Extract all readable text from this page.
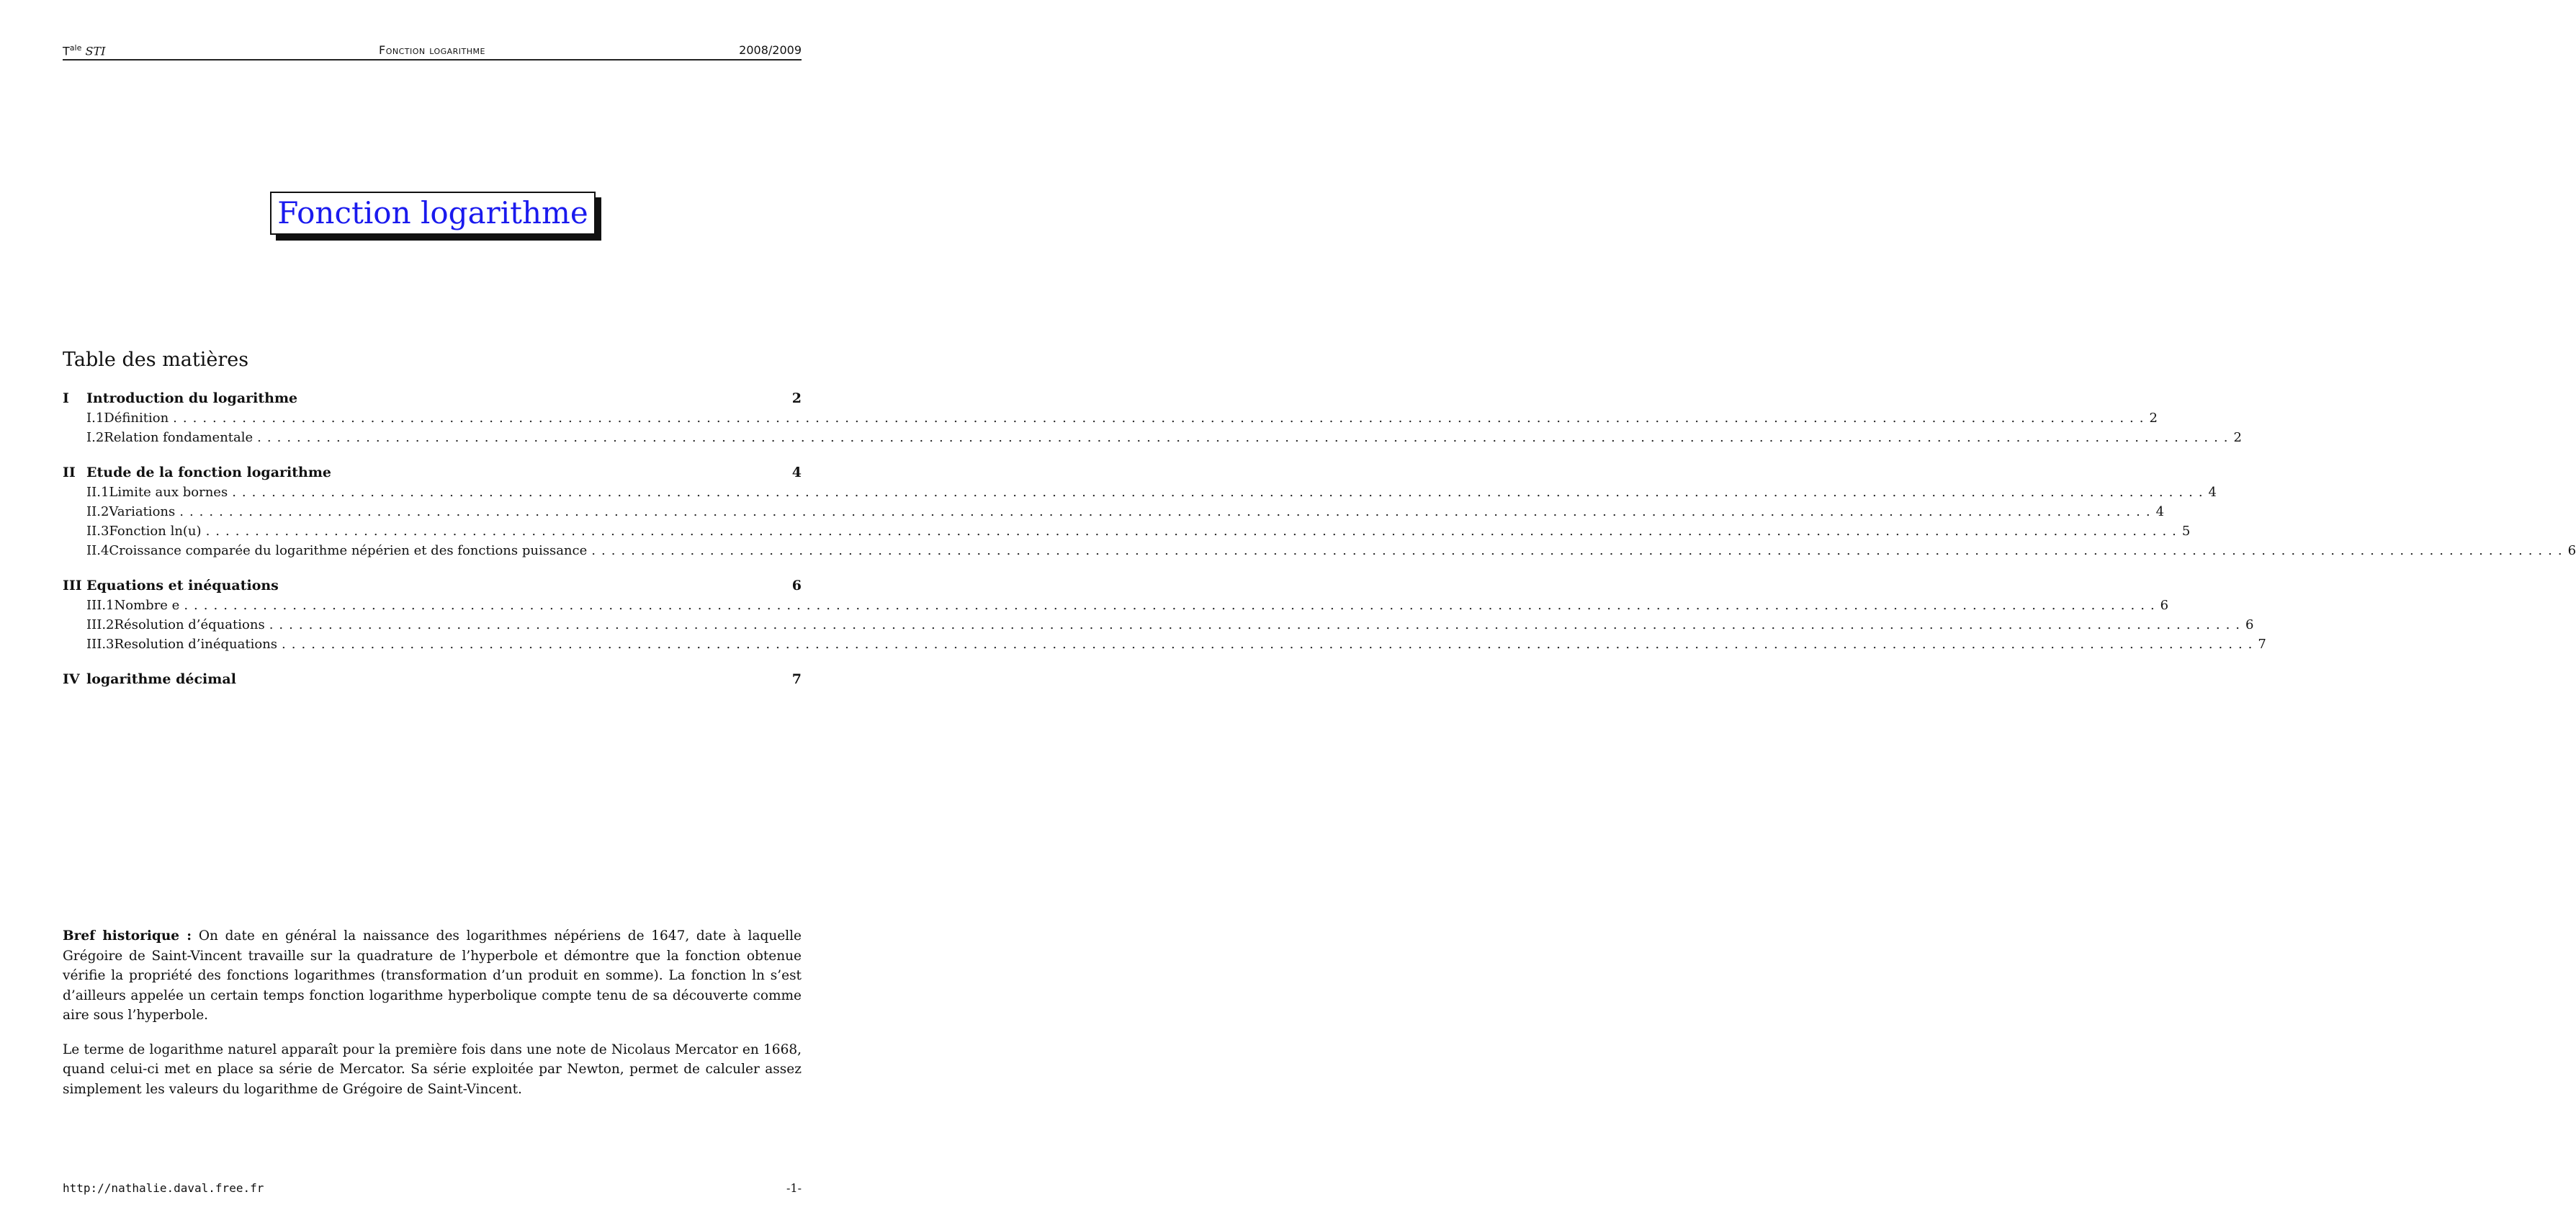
$T^{ale}$ STI	Fonction logarithme	2008/2009
Fonction logarithme
Table des matières
I	Introduction du logarithme	2
I.1 Définition ........................................................................................................................................................................................................ 2
I.2 Relation fondamentale ........................................................................................................................................................................................................ 2
II Etude de la fonction logarithme	4
II.1 Limite aux bornes ........................................................................................................................................................................................................ 4
II.2 Variations ........................................................................................................................................................................................................ 4
II.3 Fonction ln(u) ........................................................................................................................................................................................................ 5
II.4 Croissance comparée du logarithme népérien et des fonctions puissance ........................................................................................................................................................................................................ 6
III Equations et inéquations	6
III.1 Nombre e ........................................................................................................................................................................................................ 6
III.2 Résolution d’équations ........................................................................................................................................................................................................ 6
III.3 Resolution d’inéquations ........................................................................................................................................................................................................ 7
IV logarithme décimal	7

Bref historique : On date en général la naissance des logarithmes népériens de 1647, date à laquelle Grégoire de Saint-Vincent travaille sur la quadrature de l’hyperbole et démontre que la fonction obtenue vérifie la propriété des fonctions logarithmes (transformation d’un produit en somme). La fonction ln s’est d’ailleurs appelée un certain temps fonction logarithme hyperbolique compte tenu de sa découverte comme aire sous l’hyperbole.

Le terme de logarithme naturel apparaît pour la première fois dans une note de Nicolaus Mercator en 1668, quand celui-ci met en place sa série de Mercator. Sa série exploitée par Newton, permet de calculer assez simplement les valeurs du logarithme de Grégoire de Saint-Vincent.

http://nathalie.daval.free.fr	-1-
